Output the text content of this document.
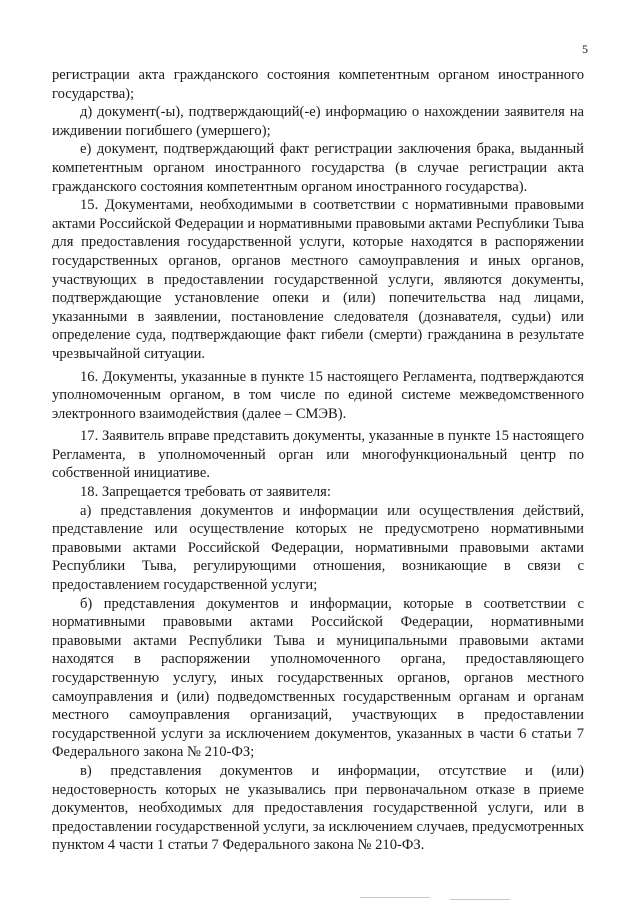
5

регистрации акта гражданского состояния компетентным органом иностранного государства);

д) документ(-ы), подтверждающий(-е) информацию о нахождении заявителя на иждивении погибшего (умершего);

е) документ, подтверждающий факт регистрации заключения брака, выданный компетентным органом иностранного государства (в случае регистрации акта гражданского состояния компетентным органом иностранного государства).

15. Документами, необходимыми в соответствии с нормативными правовыми актами Российской Федерации и нормативными правовыми актами Республики Тыва для предоставления государственной услуги, которые находятся в распоряжении государственных органов, органов местного самоуправления и иных органов, участвующих в предоставлении государственной услуги, являются документы, подтверждающие установление опеки и (или) попечительства над лицами, указанными в заявлении, постановление следователя (дознавателя, судьи) или определение суда, подтверждающие факт гибели (смерти) гражданина в результате чрезвычайной ситуации.

16. Документы, указанные в пункте 15 настоящего Регламента, подтверждаются уполномоченным органом, в том числе по единой системе межведомственного электронного взаимодействия (далее – СМЭВ).

17. Заявитель вправе представить документы, указанные в пункте 15 настоящего Регламента, в уполномоченный орган или многофункциональный центр по собственной инициативе.

18. Запрещается требовать от заявителя:

а) представления документов и информации или осуществления действий, представление или осуществление которых не предусмотрено нормативными правовыми актами Российской Федерации, нормативными правовыми актами Республики Тыва, регулирующими отношения, возникающие в связи с предоставлением государственной услуги;

б) представления документов и информации, которые в соответствии с нормативными правовыми актами Российской Федерации, нормативными правовыми актами Республики Тыва и муниципальными правовыми актами находятся в распоряжении уполномоченного органа, предоставляющего государственную услугу, иных государственных органов, органов местного самоуправления и (или) подведомственных государственным органам и органам местного самоуправления организаций, участвующих в предоставлении государственной услуги за исключением документов, указанных в части 6 статьи 7 Федерального закона № 210-ФЗ;

в) представления документов и информации, отсутствие и (или) недостоверность которых не указывались при первоначальном отказе в приеме документов, необходимых для предоставления государственной услуги, или в предоставлении государственной услуги, за исключением случаев, предусмотренных пунктом 4 части 1 статьи 7 Федерального закона № 210-ФЗ.
